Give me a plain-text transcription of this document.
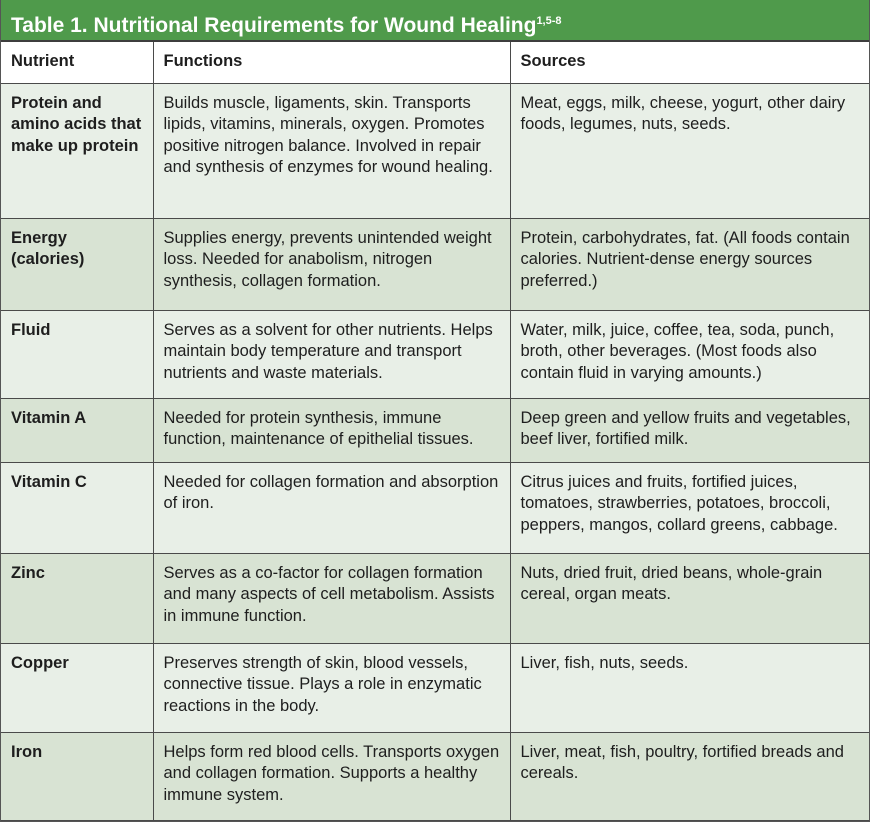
Table 1. Nutritional Requirements for Wound Healing$^{1,5-8}$
Nutrient	Functions	Sources
Protein and amino acids that make up protein	Builds muscle, ligaments, skin. Transports lipids, vitamins, minerals, oxygen. Promotes positive nitrogen balance. Involved in repair and synthesis of enzymes for wound healing.	Meat, eggs, milk, cheese, yogurt, other dairy foods, legumes, nuts, seeds.
Energy (calories)	Supplies energy, prevents unintended weight loss. Needed for anabolism, nitrogen synthesis, collagen formation.	Protein, carbohydrates, fat. (All foods contain calories. Nutrient-dense energy sources preferred.)
Fluid	Serves as a solvent for other nutrients. Helps maintain body temperature and transport nutrients and waste materials.	Water, milk, juice, coffee, tea, soda, punch, broth, other beverages. (Most foods also contain fluid in varying amounts.)
Vitamin A	Needed for protein synthesis, immune function, maintenance of epithelial tissues.	Deep green and yellow fruits and vegetables, beef liver, fortified milk.
Vitamin C	Needed for collagen formation and absorption of iron.	Citrus juices and fruits, fortified juices, tomatoes, strawberries, potatoes, broccoli, peppers, mangos, collard greens, cabbage.
Zinc	Serves as a co-factor for collagen formation and many aspects of cell metabolism. Assists in immune function.	Nuts, dried fruit, dried beans, whole-grain cereal, organ meats.
Copper	Preserves strength of skin, blood vessels, connective tissue. Plays a role in enzymatic reactions in the body.	Liver, fish, nuts, seeds.
Iron	Helps form red blood cells. Transports oxygen and collagen formation. Supports a healthy immune system.	Liver, meat, fish, poultry, fortified breads and cereals.
